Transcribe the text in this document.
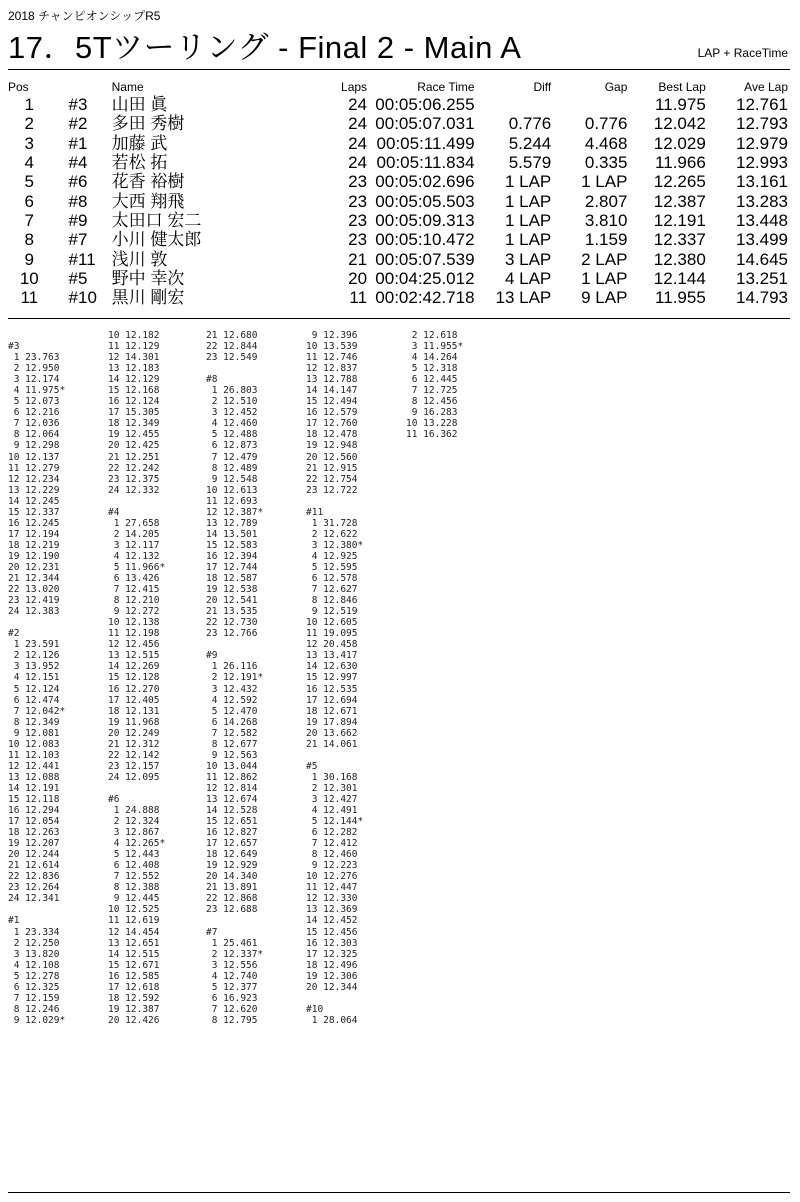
2018 チャンピオンシップR5
17．5Tツーリング - Final 2 - Main A	LAP + RaceTime
Pos		Name	Laps	Race Time	Diff	Gap	Best Lap	Ave Lap
1	#3	山田 眞	24	00:05:06.255			11.975	12.761
2	#2	多田 秀樹	24	00:05:07.031	0.776	0.776	12.042	12.793
3	#1	加藤 武	24	00:05:11.499	5.244	4.468	12.029	12.979
4	#4	若松 拓	24	00:05:11.834	5.579	0.335	11.966	12.993
5	#6	花香 裕樹	23	00:05:02.696	1 LAP	1 LAP	12.265	13.161
6	#8	大西 翔飛	23	00:05:05.503	1 LAP	2.807	12.387	13.283
7	#9	太田口 宏二	23	00:05:09.313	1 LAP	3.810	12.191	13.448
8	#7	小川 健太郎	23	00:05:10.472	1 LAP	1.159	12.337	13.499
9	#11	浅川 敦	21	00:05:07.539	3 LAP	2 LAP	12.380	14.645
10	#5	野中 幸次	20	00:04:25.012	4 LAP	1 LAP	12.144	13.251
11	#10	黒川 剛宏	11	00:02:42.718	13 LAP	9 LAP	11.955	14.793
#3
1 23.763
2 12.950
3 12.174
4 11.975*
5 12.073
6 12.216
7 12.036
8 12.064
9 12.298
10 12.137
11 12.279
12 12.234
13 12.229
14 12.245
15 12.337
16 12.245
17 12.194
18 12.219
19 12.190
20 12.231
21 12.344
22 13.020
23 12.419
24 12.383
#2
1 23.591
2 12.126
3 13.952
4 12.151
5 12.124
6 12.474
7 12.042*
8 12.349
9 12.081
10 12.083
11 12.103
12 12.441
13 12.088
14 12.191
15 12.118
16 12.294
17 12.054
18 12.263
19 12.207
20 12.244
21 12.614
22 12.836
23 12.264
24 12.341
#1
1 23.334
2 12.250
3 13.820
4 12.108
5 12.278
6 12.325
7 12.159
8 12.246
9 12.029*
10 12.182
11 12.129
12 14.301
13 12.183
14 12.129
15 12.168
16 12.124
17 15.305
18 12.349
19 12.455
20 12.425
21 12.251
22 12.242
23 12.375
24 12.332
#4
1 27.658
2 14.205
3 12.117
4 12.132
5 11.966*
6 13.426
7 12.415
8 12.210
9 12.272
10 12.138
11 12.198
12 12.456
13 12.515
14 12.269
15 12.128
16 12.270
17 12.405
18 12.131
19 11.968
20 12.249
21 12.312
22 12.142
23 12.157
24 12.095
#6
1 24.888
2 12.324
3 12.867
4 12.265*
5 12.443
6 12.408
7 12.552
8 12.388
9 12.445
10 12.525
11 12.619
12 14.454
13 12.651
14 12.515
15 12.671
16 12.585
17 12.618
18 12.592
19 12.387
20 12.426
21 12.680
22 12.844
23 12.549
#8
1 26.803
2 12.510
3 12.452
4 12.460
5 12.488
6 12.873
7 12.479
8 12.489
9 12.548
10 12.613
11 12.693
12 12.387*
13 12.789
14 13.501
15 12.583
16 12.394
17 12.744
18 12.587
19 12.538
20 12.541
21 13.535
22 12.730
23 12.766
#9
1 26.116
2 12.191*
3 12.432
4 12.592
5 12.470
6 14.268
7 12.582
8 12.677
9 12.563
10 13.044
11 12.862
12 12.814
13 12.674
14 12.528
15 12.651
16 12.827
17 12.657
18 12.649
19 12.929
20 14.340
21 13.891
22 12.868
23 12.688
#7
1 25.461
2 12.337*
3 12.556
4 12.740
5 12.377
6 16.923
7 12.620
8 12.795
9 12.396
10 13.539
11 12.746
12 12.837
13 12.788
14 14.147
15 12.494
16 12.579
17 12.760
18 12.478
19 12.948
20 12.560
21 12.915
22 12.754
23 12.722
#11
1 31.728
2 12.622
3 12.380*
4 12.925
5 12.595
6 12.578
7 12.627
8 12.846
9 12.519
10 12.605
11 19.095
12 20.458
13 13.417
14 12.630
15 12.997
16 12.535
17 12.694
18 12.671
19 17.894
20 13.662
21 14.061
#5
1 30.168
2 12.301
3 12.427
4 12.491
5 12.144*
6 12.282
7 12.412
8 12.460
9 12.223
10 12.276
11 12.447
12 12.330
13 12.369
14 12.452
15 12.456
16 12.303
17 12.325
18 12.496
19 12.306
20 12.344
#10
1 28.064
2 12.618
3 11.955*
4 14.264
5 12.318
6 12.445
7 12.725
8 12.456
9 16.283
10 13.228
11 16.362
